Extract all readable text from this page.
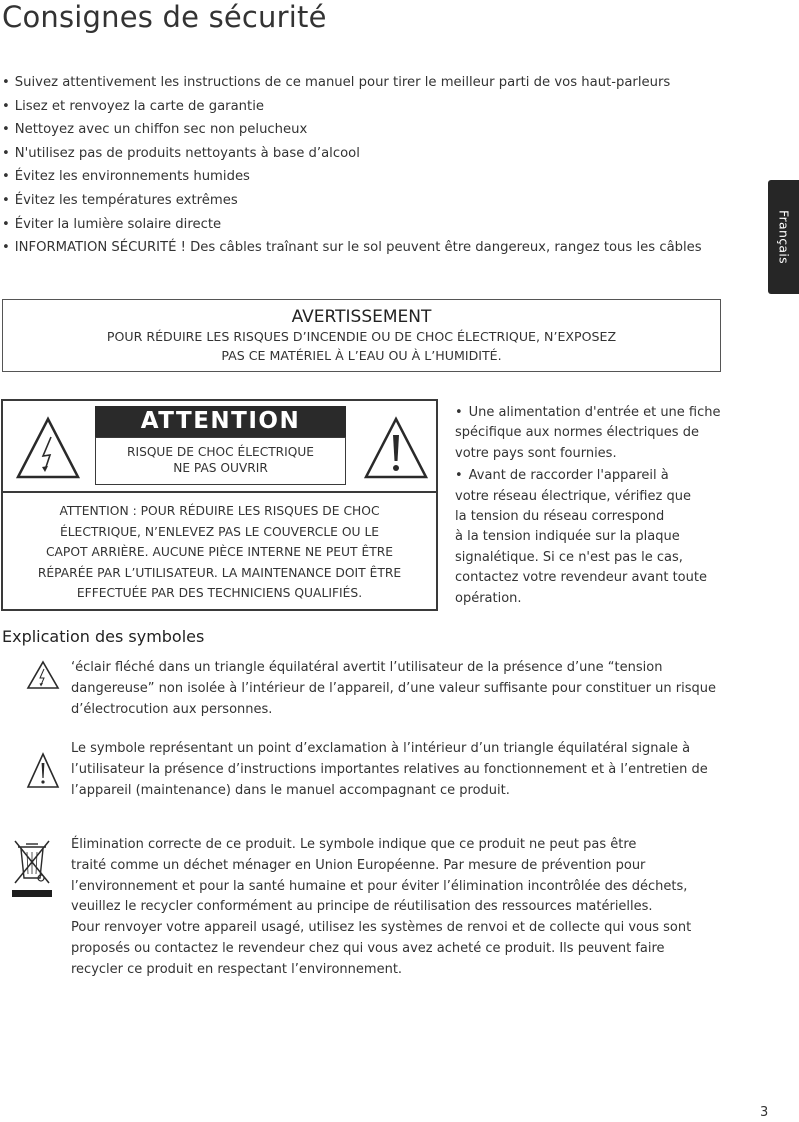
Consignes de sécurité
Français
• Suivez attentivement les instructions de ce manuel pour tirer le meilleur parti de vos haut-parleurs
• Lisez et renvoyez la carte de garantie
• Nettoyez avec un chiffon sec non pelucheux
• N'utilisez pas de produits nettoyants à base d’alcool
• Évitez les environnements humides
• Évitez les températures extrêmes
• Éviter la lumière solaire directe
• INFORMATION SÉCURITÉ ! Des câbles traînant sur le sol peuvent être dangereux, rangez tous les câbles
AVERTISSEMENT
POUR RÉDUIRE LES RISQUES D’INCENDIE OU DE CHOC ÉLECTRIQUE, N’EXPOSEZ
PAS CE MATÉRIEL À L’EAU OU À L’HUMIDITÉ.
ATTENTION
RISQUE DE CHOC ÉLECTRIQUE
NE PAS OUVRIR
ATTENTION : POUR RÉDUIRE LES RISQUES DE CHOC
ÉLECTRIQUE, N’ENLEVEZ PAS LE COUVERCLE OU LE
CAPOT ARRIÈRE. AUCUNE PIÈCE INTERNE NE PEUT ÊTRE
RÉPARÉE PAR L’UTILISATEUR. LA MAINTENANCE DOIT ÊTRE
EFFECTUÉE PAR DES TECHNICIENS QUALIFIÉS.
• Une alimentation d'entrée et une fiche
spécifique aux normes électriques de
votre pays sont fournies.
• Avant de raccorder l'appareil à
votre réseau électrique, vérifiez que
la tension du réseau correspond
à la tension indiquée sur la plaque
signalétique. Si ce n'est pas le cas,
contactez votre revendeur avant toute
opération.
Explication des symboles
‘éclair fléché dans un triangle équilatéral avertit l’utilisateur de la présence d’une “tension
dangereuse” non isolée à l’intérieur de l’appareil, d’une valeur suffisante pour constituer un risque
d’électrocution aux personnes.
Le symbole représentant un point d’exclamation à l’intérieur d’un triangle équilatéral signale à
l’utilisateur la présence d’instructions importantes relatives au fonctionnement et à l’entretien de
l’appareil (maintenance) dans le manuel accompagnant ce produit.
Élimination correcte de ce produit. Le symbole indique que ce produit ne peut pas être
traité comme un déchet ménager en Union Européenne. Par mesure de prévention pour
l’environnement et pour la santé humaine et pour éviter l’élimination incontrôlée des déchets,
veuillez le recycler conformément au principe de réutilisation des ressources matérielles.
Pour renvoyer votre appareil usagé, utilisez les systèmes de renvoi et de collecte qui vous sont
proposés ou contactez le revendeur chez qui vous avez acheté ce produit. Ils peuvent faire
recycler ce produit en respectant l’environnement.
3
